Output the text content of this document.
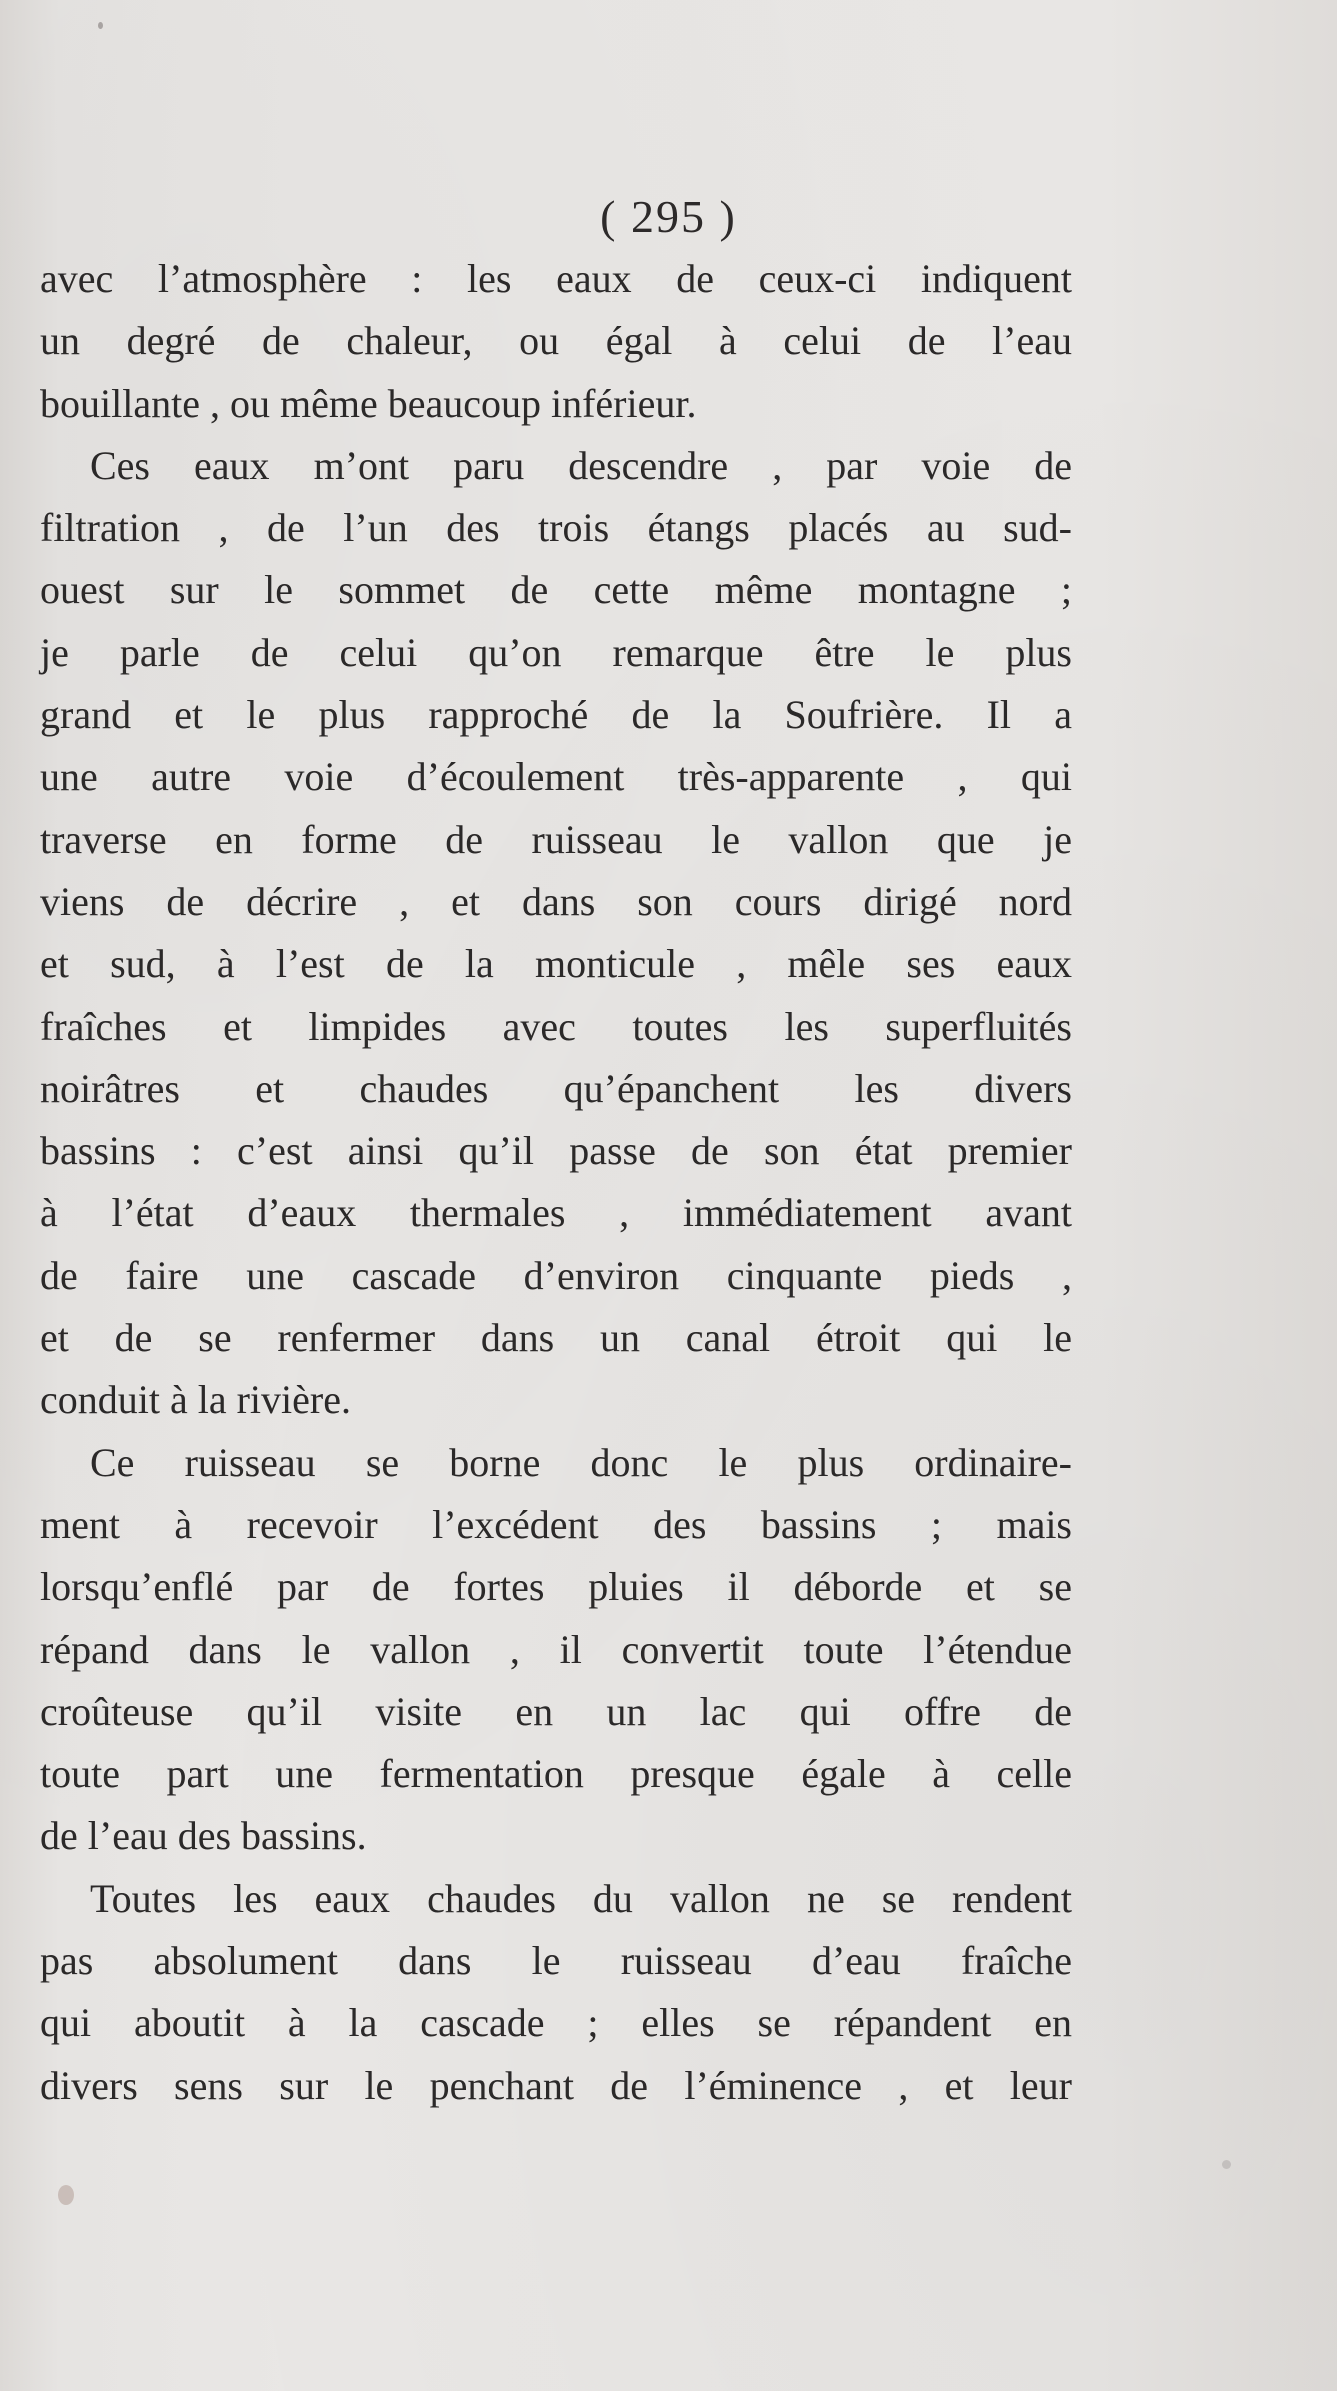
( 295 )
avec l’atmosphère : les eaux de ceux-ci indiquent
un degré de chaleur, ou égal à celui de l’eau
bouillante , ou même beaucoup inférieur.
Ces eaux m’ont paru descendre , par voie de
filtration , de l’un des trois étangs placés au sud-
ouest sur le sommet de cette même montagne ;
je parle de celui qu’on remarque être le plus
grand et le plus rapproché de la Soufrière. Il a
une autre voie d’écoulement très-apparente , qui
traverse en forme de ruisseau le vallon que je
viens de décrire , et dans son cours dirigé nord
et sud, à l’est de la monticule , mêle ses eaux
fraîches et limpides avec toutes les superfluités
noirâtres et chaudes qu’épanchent les divers
bassins : c’est ainsi qu’il passe de son état premier
à l’état d’eaux thermales , immédiatement avant
de faire une cascade d’environ cinquante pieds ,
et de se renfermer dans un canal étroit qui le
conduit à la rivière.
Ce ruisseau se borne donc le plus ordinaire-
ment à recevoir l’excédent des bassins ; mais
lorsqu’enflé par de fortes pluies il déborde et se
répand dans le vallon , il convertit toute l’étendue
croûteuse qu’il visite en un lac qui offre de
toute part une fermentation presque égale à celle
de l’eau des bassins.
Toutes les eaux chaudes du vallon ne se rendent
pas absolument dans le ruisseau d’eau fraîche
qui aboutit à la cascade ; elles se répandent en
divers sens sur le penchant de l’éminence , et leur
